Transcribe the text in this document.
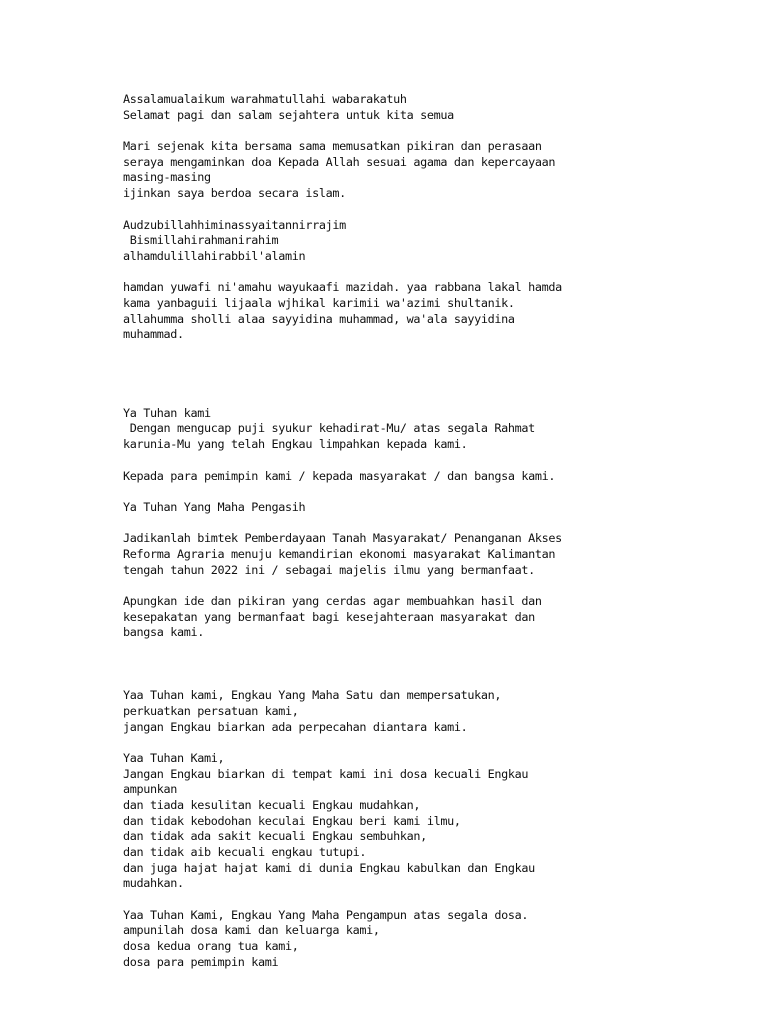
Assalamualaikum warahmatullahi wabarakatuh
Selamat pagi dan salam sejahtera untuk kita semua
Mari sejenak kita bersama sama memusatkan pikiran dan perasaan
seraya mengaminkan doa Kepada Allah sesuai agama dan kepercayaan
masing-masing
ijinkan saya berdoa secara islam.
Audzubillahhiminassyaitannirrajim
Bismillahirahmanirahim
alhamdulillahirabbil'alamin
hamdan yuwafi ni'amahu wayukaafi mazidah. yaa rabbana lakal hamda
kama yanbaguii lijaala wjhikal karimii wa'azimi shultanik.
allahumma sholli alaa sayyidina muhammad, wa'ala sayyidina
muhammad.
Ya Tuhan kami
Dengan mengucap puji syukur kehadirat-Mu/ atas segala Rahmat
karunia-Mu yang telah Engkau limpahkan kepada kami.
Kepada para pemimpin kami / kepada masyarakat / dan bangsa kami.
Ya Tuhan Yang Maha Pengasih
Jadikanlah bimtek Pemberdayaan Tanah Masyarakat/ Penanganan Akses
Reforma Agraria menuju kemandirian ekonomi masyarakat Kalimantan
tengah tahun 2022 ini / sebagai majelis ilmu yang bermanfaat.
Apungkan ide dan pikiran yang cerdas agar membuahkan hasil dan
kesepakatan yang bermanfaat bagi kesejahteraan masyarakat dan
bangsa kami.
Yaa Tuhan kami, Engkau Yang Maha Satu dan mempersatukan,
perkuatkan persatuan kami,
jangan Engkau biarkan ada perpecahan diantara kami.
Yaa Tuhan Kami,
Jangan Engkau biarkan di tempat kami ini dosa kecuali Engkau
ampunkan
dan tiada kesulitan kecuali Engkau mudahkan,
dan tidak kebodohan keculai Engkau beri kami ilmu,
dan tidak ada sakit kecuali Engkau sembuhkan,
dan tidak aib kecuali engkau tutupi.
dan juga hajat hajat kami di dunia Engkau kabulkan dan Engkau
mudahkan.
Yaa Tuhan Kami, Engkau Yang Maha Pengampun atas segala dosa.
ampunilah dosa kami dan keluarga kami,
dosa kedua orang tua kami,
dosa para pemimpin kami
